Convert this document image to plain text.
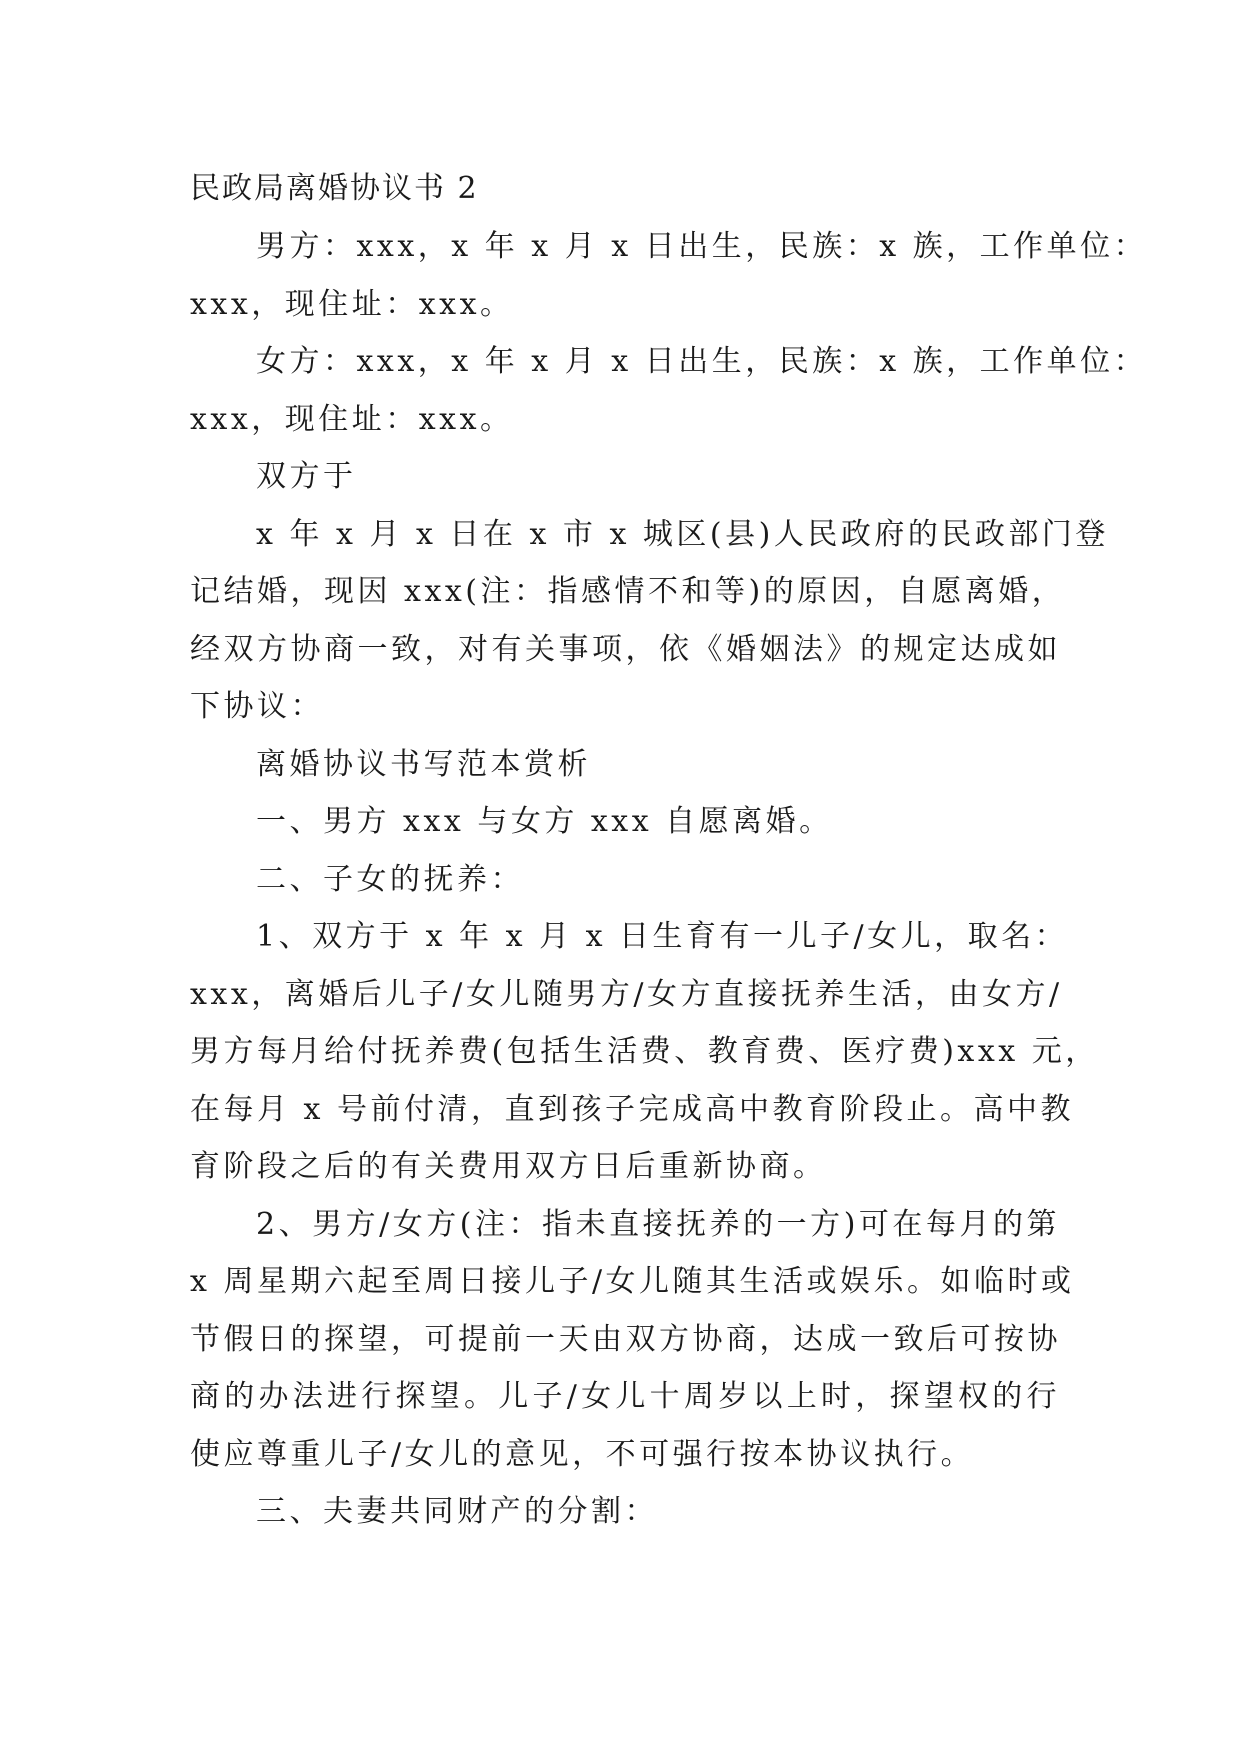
民政局离婚协议书 2
男方：xxx，x 年 x 月 x 日出生，民族：x 族，工作单位：
xxx，现住址：xxx。
女方：xxx，x 年 x 月 x 日出生，民族：x 族，工作单位：
xxx，现住址：xxx。
双方于
x 年 x 月 x 日在 x 市 x 城区(县)人民政府的民政部门登
记结婚，现因 xxx(注：指感情不和等)的原因，自愿离婚，
经双方协商一致，对有关事项，依《婚姻法》的规定达成如
下协议：
离婚协议书写范本赏析
一、男方 xxx 与女方 xxx 自愿离婚。
二、子女的抚养：
1、双方于 x 年 x 月 x 日生育有一儿子/女儿，取名：
xxx，离婚后儿子/女儿随男方/女方直接抚养生活，由女方/
男方每月给付抚养费(包括生活费、教育费、医疗费)xxx 元，
在每月 x 号前付清，直到孩子完成高中教育阶段止。高中教
育阶段之后的有关费用双方日后重新协商。
2、男方/女方(注：指未直接抚养的一方)可在每月的第
x 周星期六起至周日接儿子/女儿随其生活或娱乐。如临时或
节假日的探望，可提前一天由双方协商，达成一致后可按协
商的办法进行探望。儿子/女儿十周岁以上时，探望权的行
使应尊重儿子/女儿的意见，不可强行按本协议执行。
三、夫妻共同财产的分割：
